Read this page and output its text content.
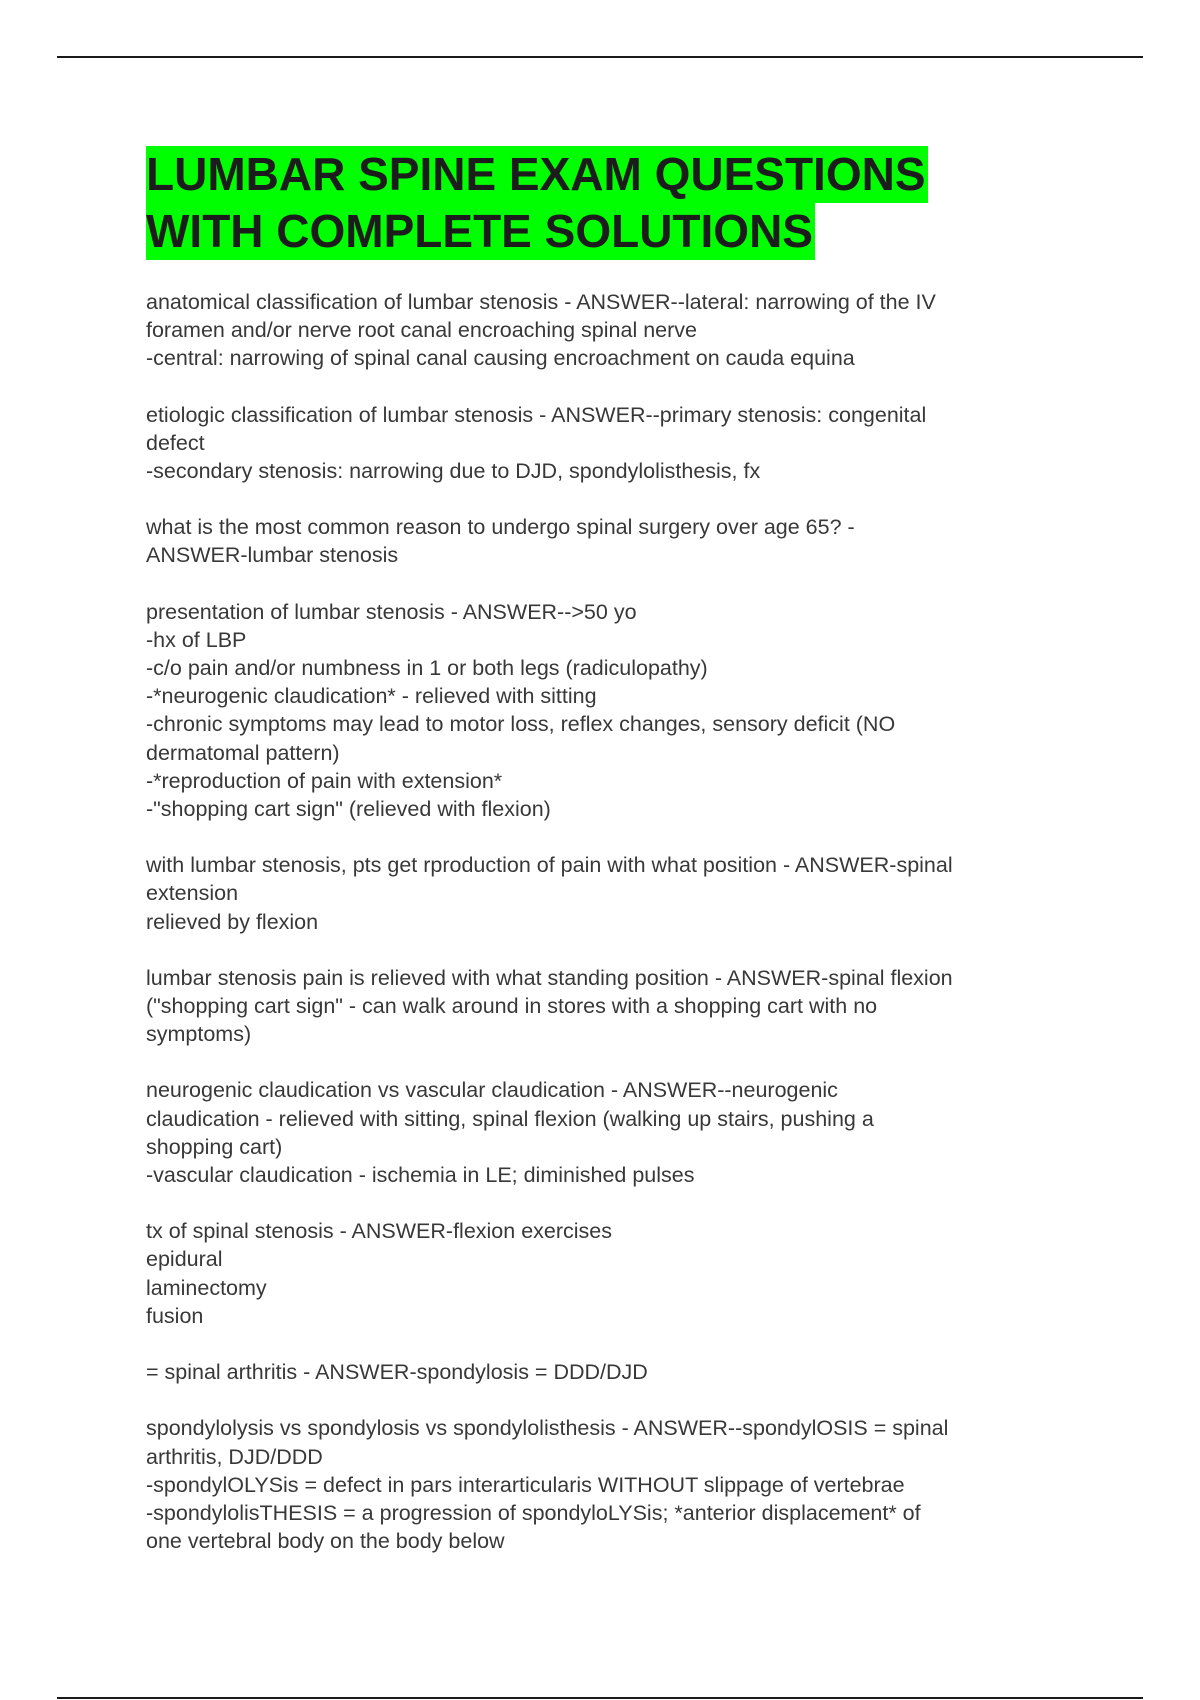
LUMBAR SPINE EXAM QUESTIONS
WITH COMPLETE SOLUTIONS

anatomical classification of lumbar stenosis - ANSWER--lateral: narrowing of the IV
foramen and/or nerve root canal encroaching spinal nerve
-central: narrowing of spinal canal causing encroachment on cauda equina

etiologic classification of lumbar stenosis - ANSWER--primary stenosis: congenital
defect
-secondary stenosis: narrowing due to DJD, spondylolisthesis, fx

what is the most common reason to undergo spinal surgery over age 65? -
ANSWER-lumbar stenosis

presentation of lumbar stenosis - ANSWER-->50 yo
-hx of LBP
-c/o pain and/or numbness in 1 or both legs (radiculopathy)
-*neurogenic claudication* - relieved with sitting
-chronic symptoms may lead to motor loss, reflex changes, sensory deficit (NO
dermatomal pattern)
-*reproduction of pain with extension*
-"shopping cart sign" (relieved with flexion)

with lumbar stenosis, pts get rproduction of pain with what position - ANSWER-spinal
extension
relieved by flexion

lumbar stenosis pain is relieved with what standing position - ANSWER-spinal flexion
("shopping cart sign" - can walk around in stores with a shopping cart with no
symptoms)

neurogenic claudication vs vascular claudication - ANSWER--neurogenic
claudication - relieved with sitting, spinal flexion (walking up stairs, pushing a
shopping cart)
-vascular claudication - ischemia in LE; diminished pulses

tx of spinal stenosis - ANSWER-flexion exercises
epidural
laminectomy
fusion

= spinal arthritis - ANSWER-spondylosis = DDD/DJD

spondylolysis vs spondylosis vs spondylolisthesis - ANSWER--spondylOSIS = spinal
arthritis, DJD/DDD
-spondylOLYSis = defect in pars interarticularis WITHOUT slippage of vertebrae
-spondylolisTHESIS = a progression of spondyloLYSis; *anterior displacement* of
one vertebral body on the body below
